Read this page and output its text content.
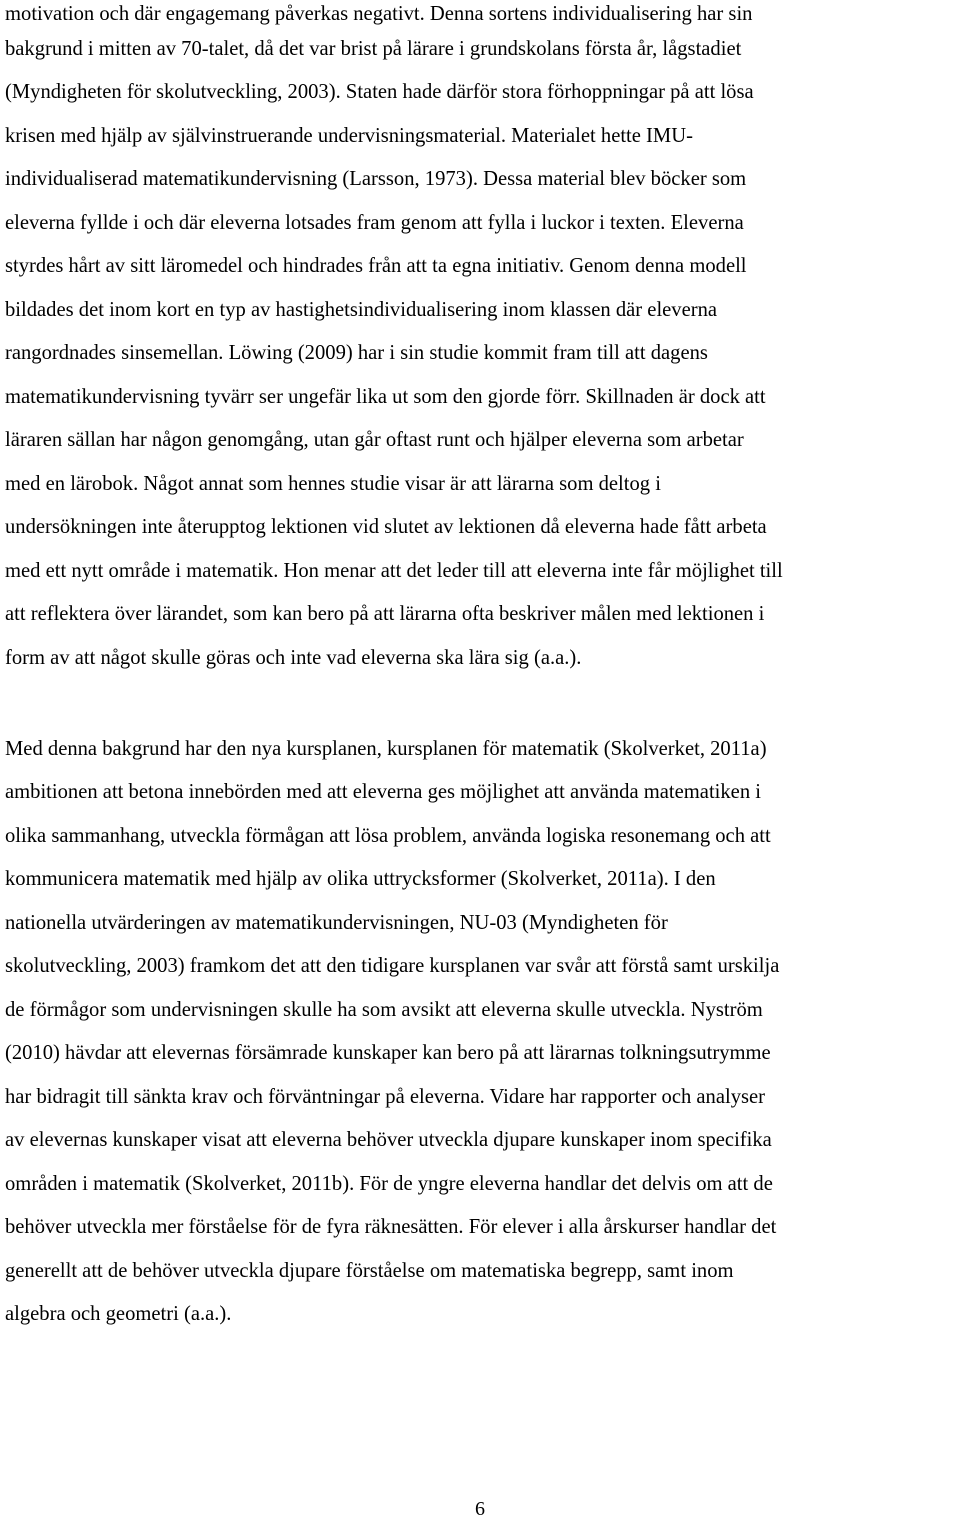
motivation och där engagemang påverkas negativt. Denna sortens individualisering har sin
bakgrund i mitten av 70-talet, då det var brist på lärare i grundskolans första år, lågstadiet
(Myndigheten för skolutveckling, 2003). Staten hade därför stora förhoppningar på att lösa
krisen med hjälp av självinstruerande undervisningsmaterial. Materialet hette IMU-
individualiserad matematikundervisning (Larsson, 1973). Dessa material blev böcker som
eleverna fyllde i och där eleverna lotsades fram genom att fylla i luckor i texten. Eleverna
styrdes hårt av sitt läromedel och hindrades från att ta egna initiativ. Genom denna modell
bildades det inom kort en typ av hastighetsindividualisering inom klassen där eleverna
rangordnades sinsemellan. Löwing (2009) har i sin studie kommit fram till att dagens
matematikundervisning tyvärr ser ungefär lika ut som den gjorde förr. Skillnaden är dock att
läraren sällan har någon genomgång, utan går oftast runt och hjälper eleverna som arbetar
med en lärobok. Något annat som hennes studie visar är att lärarna som deltog i
undersökningen inte återupptog lektionen vid slutet av lektionen då eleverna hade fått arbeta
med ett nytt område i matematik. Hon menar att det leder till att eleverna inte får möjlighet till
att reflektera över lärandet, som kan bero på att lärarna ofta beskriver målen med lektionen i
form av att något skulle göras och inte vad eleverna ska lära sig (a.a.).
Med denna bakgrund har den nya kursplanen, kursplanen för matematik (Skolverket, 2011a)
ambitionen att betona innebörden med att eleverna ges möjlighet att använda matematiken i
olika sammanhang, utveckla förmågan att lösa problem, använda logiska resonemang och att
kommunicera matematik med hjälp av olika uttrycksformer (Skolverket, 2011a). I den
nationella utvärderingen av matematikundervisningen, NU-03 (Myndigheten för
skolutveckling, 2003) framkom det att den tidigare kursplanen var svår att förstå samt urskilja
de förmågor som undervisningen skulle ha som avsikt att eleverna skulle utveckla. Nyström
(2010) hävdar att elevernas försämrade kunskaper kan bero på att lärarnas tolkningsutrymme
har bidragit till sänkta krav och förväntningar på eleverna. Vidare har rapporter och analyser
av elevernas kunskaper visat att eleverna behöver utveckla djupare kunskaper inom specifika
områden i matematik (Skolverket, 2011b). För de yngre eleverna handlar det delvis om att de
behöver utveckla mer förståelse för de fyra räknesätten. För elever i alla årskurser handlar det
generellt att de behöver utveckla djupare förståelse om matematiska begrepp, samt inom
algebra och geometri (a.a.).
6
